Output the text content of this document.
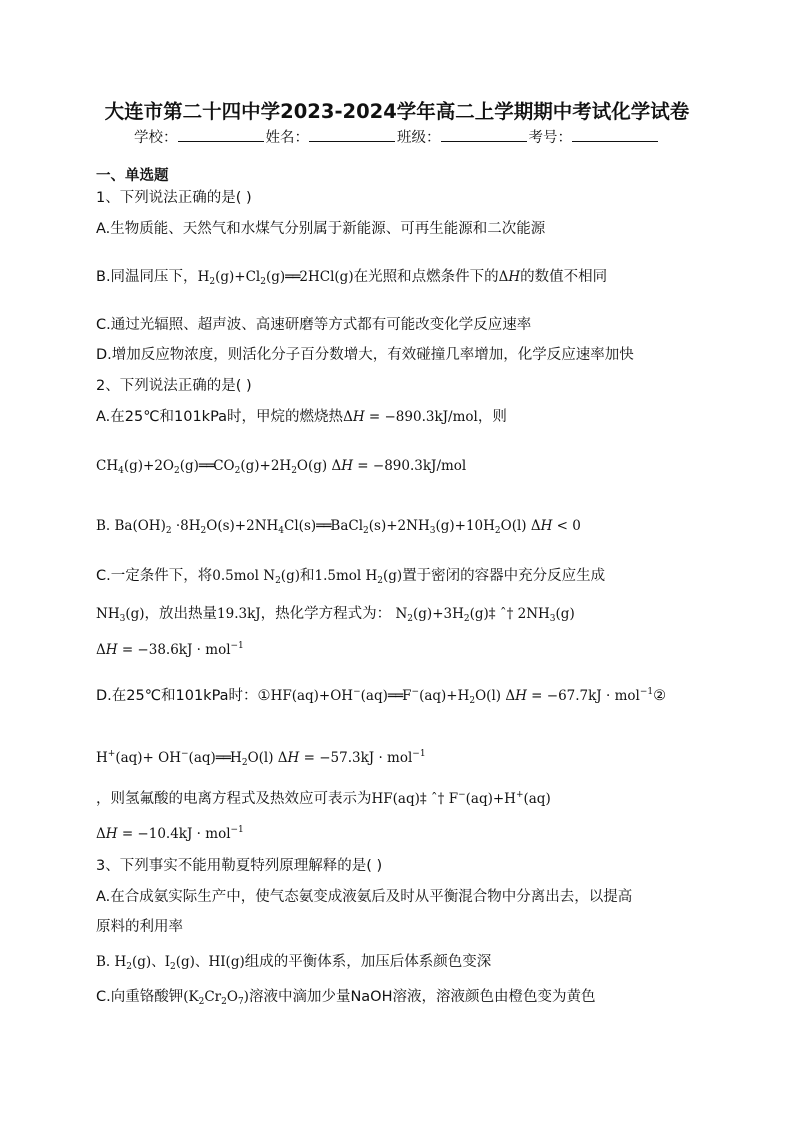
大连市第二十四中学2023-2024学年高二上学期期中考试化学试卷
学校：	姓名：	班级：	考号：
一、单选题
1、下列说法正确的是( )
A.生物质能、天然气和水煤气分别属于新能源、可再生能源和二次能源
B.同温同压下，$H_2(g)+Cl_2(g)══2HCl(g)$在光照和点燃条件下的ΔH的数值不相同
C.通过光辐照、超声波、高速研磨等方式都有可能改变化学反应速率
D.增加反应物浓度，则活化分子百分数增大，有效碰撞几率增加，化学反应速率加快
2、下列说法正确的是( )
A.在25℃和101kPa时，甲烷的燃烧热ΔH = −890.3kJ/mol，则
$CH_4(g)+2O_2(g)══CO_2(g)+2H_2O(g) \Delta H = -890.3kJ/mol$
B. $Ba(OH)_2$ $\cdot 8H_2O(s)+2NH_4Cl(s)══BaCl_2(s)+2NH_3(g)+10H_2O(l) \Delta H < 0$
C.一定条件下，将0.5mol $N_2(g)$和1.5mol $H_2(g)$置于密闭的容器中充分反应生成
$NH_3(g)$，放出热量19.3kJ，热化学方程式为： $N_2(g)+3H_2(g)\ddagger$ ˆ† $2NH_3(g)$
ΔH = −38.6kJ · mol$^{-1}$
D.在25℃和101kPa时：$①HF(aq)+OH^-(aq)══F^-(aq)+H_2O(l) \Delta H = -67.7kJ$ · mol$^{-1}$②
$H^+(aq)+ OH^-(aq)══H_2O(l) \Delta H = -57.3kJ \cdot mol^{-1}$
，则氢氟酸的电离方程式及热效应可表示为HF(aq)‡ ˆ† F−(aq)+H+(aq)
ΔH = −10.4kJ · mol$^{-1}$
3、下列事实不能用勒夏特列原理解释的是( )
A.在合成氨实际生产中，使气态氨变成液氨后及时从平衡混合物中分离出去，以提高
原料的利用率
B. $H_2(g)$、$I_2(g)$、HI(g)组成的平衡体系，加压后体系颜色变深
C.向重铬酸钾$(K_2Cr_2O_7)$溶液中滴加少量NaOH溶液，溶液颜色由橙色变为黄色
